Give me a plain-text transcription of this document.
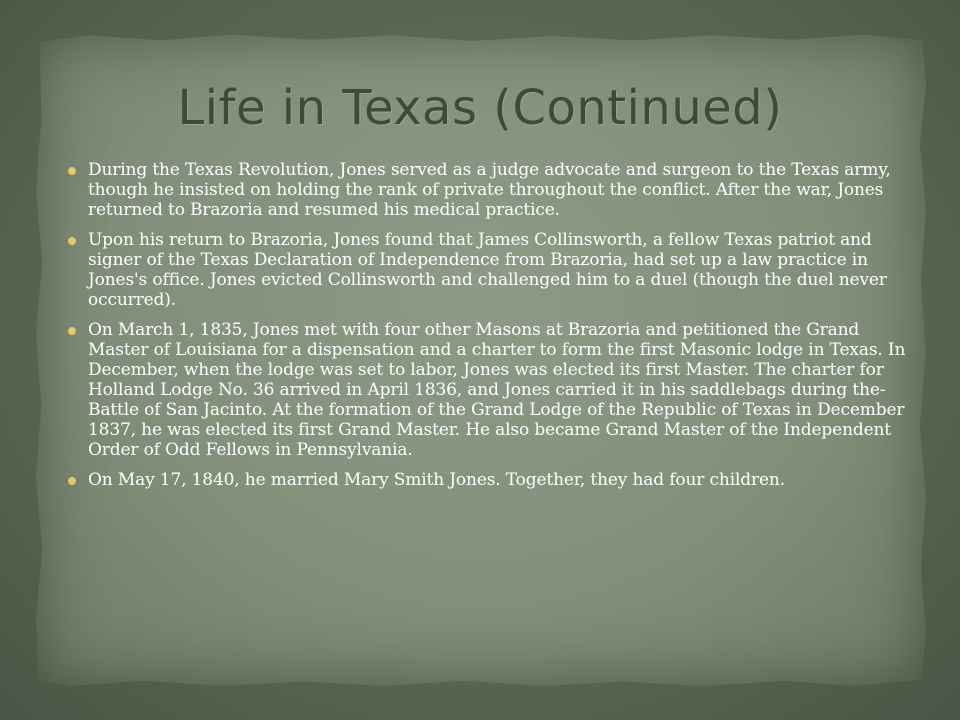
Life in Texas (Continued)
During the Texas Revolution, Jones served as a judge advocate and surgeon to the Texas army, though he insisted on holding the rank of private throughout the conflict. After the war, Jones returned to Brazoria and resumed his medical practice.
Upon his return to Brazoria, Jones found that James Collinsworth, a fellow Texas patriot and signer of the Texas Declaration of Independence from Brazoria, had set up a law practice in Jones's office. Jones evicted Collinsworth and challenged him to a duel (though the duel never occurred).
On March 1, 1835, Jones met with four other Masons at Brazoria and petitioned the Grand Master of Louisiana for a dispensation and a charter to form the first Masonic lodge in Texas. In December, when the lodge was set to labor, Jones was elected its first Master. The charter for Holland Lodge No. 36 arrived in April 1836, and Jones carried it in his saddlebags during the-Battle of San Jacinto. At the formation of the Grand Lodge of the Republic of Texas in December 1837, he was elected its first Grand Master. He also became Grand Master of the Independent Order of Odd Fellows in Pennsylvania.
On May 17, 1840, he married Mary Smith Jones. Together, they had four children.
